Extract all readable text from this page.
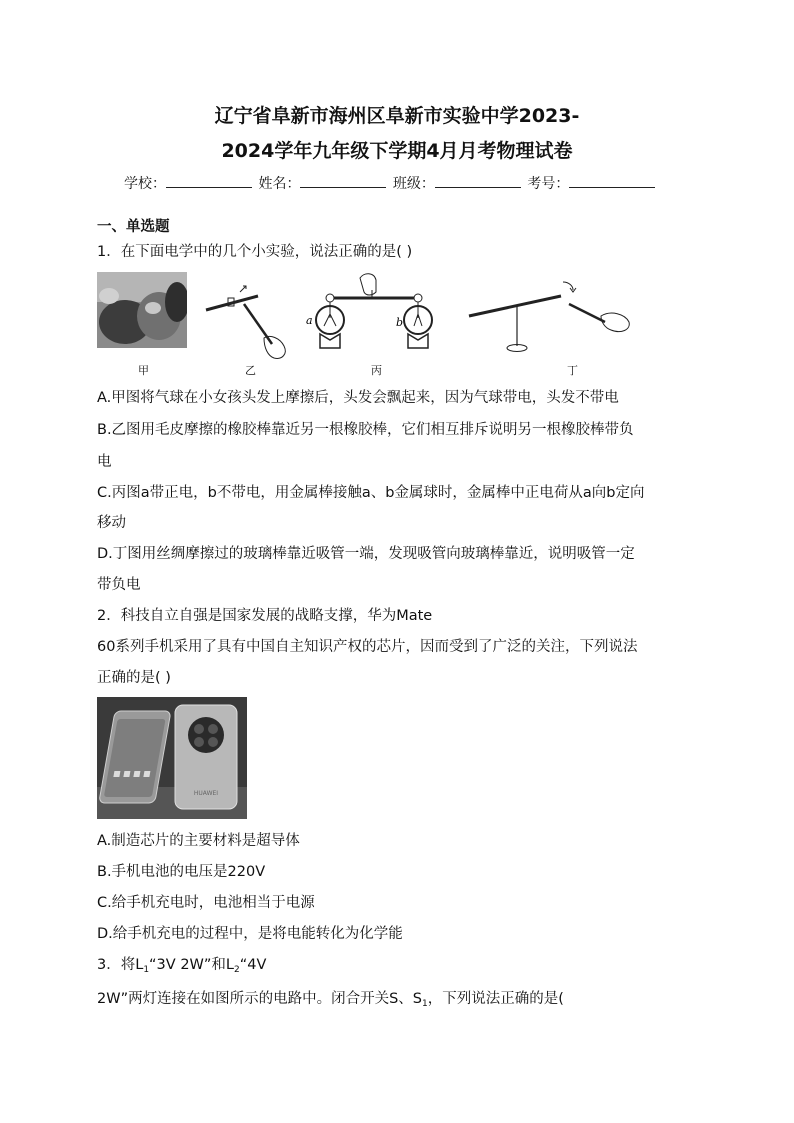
辽宁省阜新市海州区阜新市实验中学2023-
2024学年九年级下学期4月月考物理试卷
学校：	姓名：	班级：	考号：
一、单选题
1．在下面电学中的几个小实验，说法正确的是( )
a	b
甲	乙	丙	丁
A.甲图将气球在小女孩头发上摩擦后，头发会飘起来，因为气球带电，头发不带电
B.乙图用毛皮摩擦的橡胶棒靠近另一根橡胶棒，它们相互排斥说明另一根橡胶棒带负
电
C.丙图a带正电，b不带电，用金属棒接触a、b金属球时，金属棒中正电荷从a向b定向
移动
D.丁图用丝绸摩擦过的玻璃棒靠近吸管一端，发现吸管向玻璃棒靠近，说明吸管一定
带负电
2．科技自立自强是国家发展的战略支撑，华为Mate
60系列手机采用了具有中国自主知识产权的芯片，因而受到了广泛的关注，下列说法
正确的是( )
HUAWEI
A.制造芯片的主要材料是超导体
B.手机电池的电压是220V
C.给手机充电时，电池相当于电源
D.给手机充电的过程中，是将电能转化为化学能
3．将$L_1“3V$ 2W”和$L_2“4V$
2W”两灯连接在如图所示的电路中。闭合开关S、$S_1$，下列说法正确的是(
